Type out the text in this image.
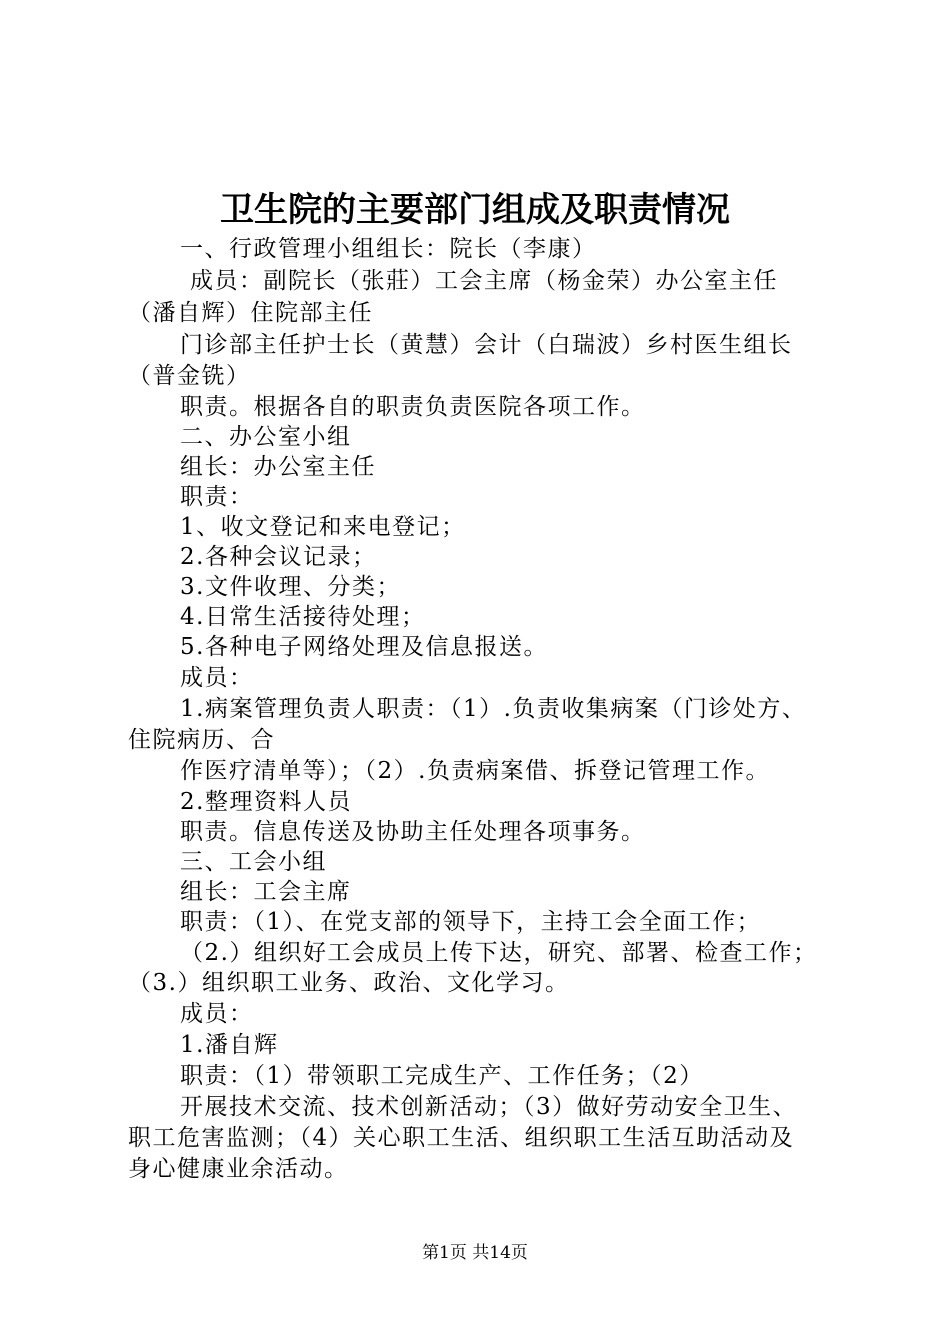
卫生院的主要部门组成及职责情况
一、行政管理小组组长：院长（李康）
成员：副院长（张莊）工会主席（杨金荣）办公室主任
（潘自辉）住院部主任
门诊部主任护士长（黄慧）会计（白瑞波）乡村医生组长
（普金铣）
职责。根据各自的职责负责医院各项工作。
二、办公室小组
组长：办公室主任
职责：
1、收文登记和来电登记；
2.各种会议记录；
3.文件收理、分类；
4.日常生活接待处理；
5.各种电子网络处理及信息报送。
成员：
1.病案管理负责人职责：（1）.负责收集病案（门诊处方、
住院病历、合
作医疗清单等）；（2）.负责病案借、拆登记管理工作。
2.整理资料人员
职责。信息传送及协助主任处理各项事务。
三、工会小组
组长：工会主席
职责：（1）、在党支部的领导下，主持工会全面工作；
（2.）组织好工会成员上传下达，研究、部署、检查工作；
（3.）组织职工业务、政治、文化学习。
成员：
1.潘自辉
职责：（1）带领职工完成生产、工作任务；（2）
开展技术交流、技术创新活动；（3）做好劳动安全卫生、
职工危害监测；（4）关心职工生活、组织职工生活互助活动及
身心健康业余活动。
第1页 共14页
